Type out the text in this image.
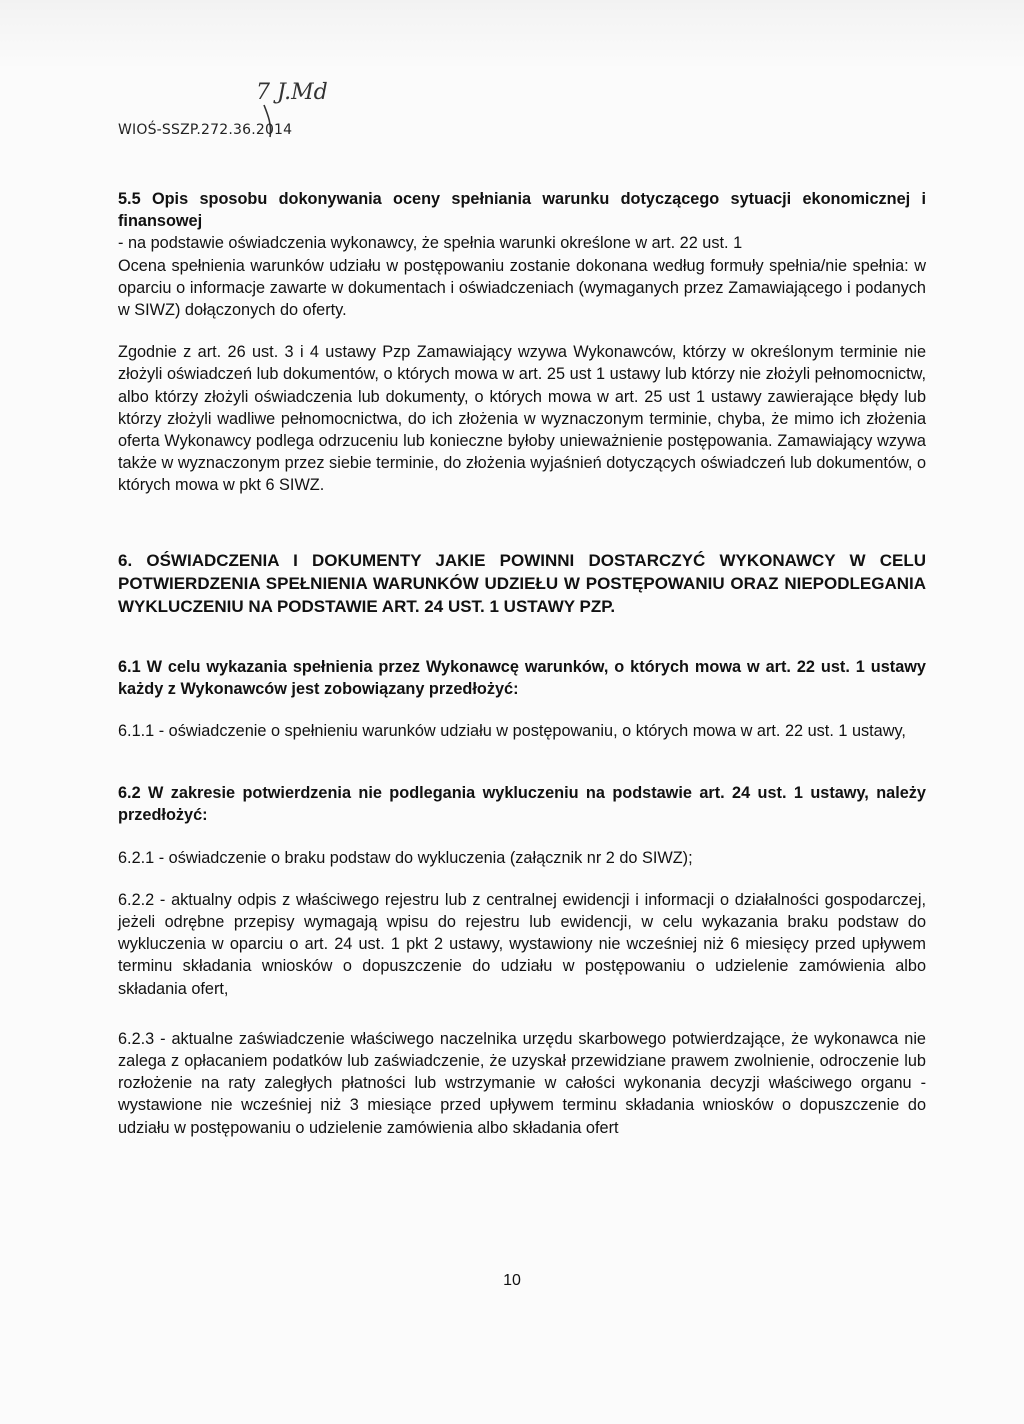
7 J.Md
WIOŚ-SSZP.272.36.2014

5.5 Opis sposobu dokonywania oceny spełniania warunku dotyczącego sytuacji ekonomicznej i finansowej

- na podstawie oświadczenia wykonawcy, że spełnia warunki określone w art. 22 ust. 1

Ocena spełnienia warunków udziału w postępowaniu zostanie dokonana według formuły spełnia/nie spełnia: w oparciu o informacje zawarte w dokumentach i oświadczeniach (wymaganych przez Zamawiającego i podanych w SIWZ) dołączonych do oferty.

Zgodnie z art. 26 ust. 3 i 4 ustawy Pzp Zamawiający wzywa Wykonawców, którzy w określonym terminie nie złożyli oświadczeń lub dokumentów, o których mowa w art. 25 ust 1 ustawy lub którzy nie złożyli pełnomocnictw, albo którzy złożyli oświadczenia lub dokumenty, o których mowa w art. 25 ust 1 ustawy zawierające błędy lub którzy złożyli wadliwe pełnomocnictwa, do ich złożenia w wyznaczonym terminie, chyba, że mimo ich złożenia oferta Wykonawcy podlega odrzuceniu lub konieczne byłoby unieważnienie postępowania. Zamawiający wzywa także w wyznaczonym przez siebie terminie, do złożenia wyjaśnień dotyczących oświadczeń lub dokumentów, o których mowa w pkt 6 SIWZ.

6. OŚWIADCZENIA I DOKUMENTY JAKIE POWINNI DOSTARCZYĆ WYKONAWCY W CELU POTWIERDZENIA SPEŁNIENIA WARUNKÓW UDZIEŁU W POSTĘPOWANIU ORAZ NIEPODLEGANIA WYKLUCZENIU NA PODSTAWIE ART. 24 UST. 1 USTAWY PZP.

6.1 W celu wykazania spełnienia przez Wykonawcę warunków, o których mowa w art. 22 ust. 1 ustawy każdy z Wykonawców jest zobowiązany przedłożyć:

6.1.1 - oświadczenie o spełnieniu warunków udziału w postępowaniu, o których mowa w art. 22 ust. 1 ustawy,

6.2 W zakresie potwierdzenia nie podlegania wykluczeniu na podstawie art. 24 ust. 1 ustawy, należy przedłożyć:

6.2.1 - oświadczenie o braku podstaw do wykluczenia (załącznik nr 2 do SIWZ);

6.2.2 - aktualny odpis z właściwego rejestru lub z centralnej ewidencji i informacji o działalności gospodarczej, jeżeli odrębne przepisy wymagają wpisu do rejestru lub ewidencji, w celu wykazania braku podstaw do wykluczenia w oparciu o art. 24 ust. 1 pkt 2 ustawy, wystawiony nie wcześniej niż 6 miesięcy przed upływem terminu składania wniosków o dopuszczenie do udziału w postępowaniu o udzielenie zamówienia albo składania ofert,

6.2.3 - aktualne zaświadczenie właściwego naczelnika urzędu skarbowego potwierdzające, że wykonawca nie zalega z opłacaniem podatków lub zaświadczenie, że uzyskał przewidziane prawem zwolnienie, odroczenie lub rozłożenie na raty zaległych płatności lub wstrzymanie w całości wykonania decyzji właściwego organu - wystawione nie wcześniej niż 3 miesiące przed upływem terminu składania wniosków o dopuszczenie do udziału w postępowaniu o udzielenie zamówienia albo składania ofert

10
